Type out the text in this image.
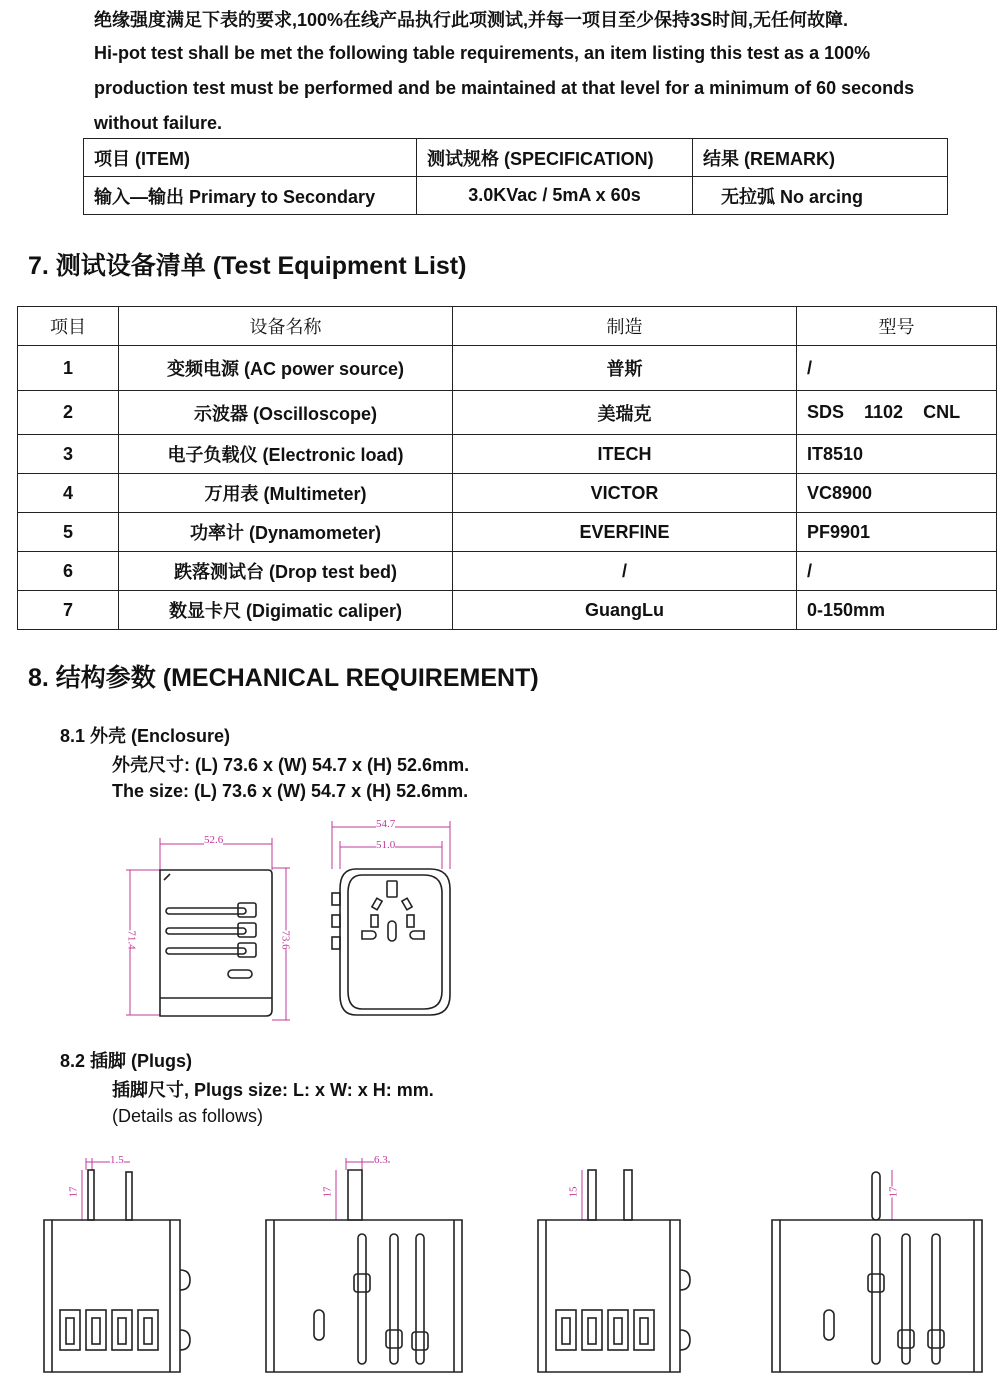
绝缘强度满足下表的要求,100%在线产品执行此项测试,并每一项目至少保持3S时间,无任何故障.
Hi-pot test shall be met the following table requirements, an item listing this test as a 100%
production test must be performed and be maintained at that level for a minimum of 60 seconds
without failure.
项目 (ITEM)	测试规格 (SPECIFICATION)	结果 (REMARK)
输入—输出 Primary to Secondary	3.0KVac / 5mA x 60s	无拉弧 No arcing
7. 测试设备清单 (Test Equipment List)
项目	设备名称	制造	型号
1	变频电源 (AC power source)	普斯	/
2	示波器 (Oscilloscope)	美瑞克	SDS    1102    CNL
3	电子负载仪 (Electronic load)	ITECH	IT8510
4	万用表 (Multimeter)	VICTOR	VC8900
5	功率计 (Dynamometer)	EVERFINE	PF9901
6	跌落测试台 (Drop test bed)	/	/
7	数显卡尺 (Digimatic caliper)	GuangLu	0-150mm
8. 结构参数 (MECHANICAL REQUIREMENT)
8.1 外壳 (Enclosure)
外壳尺寸: (L) 73.6 x (W) 54.7 x (H) 52.6mm.
The size: (L) 73.6 x (W) 54.7 x (H) 52.6mm.
52.6
71.4	73.6
54.7
51.0
8.2 插脚 (Plugs)
插脚尺寸, Plugs size: L: x W: x H: mm.
(Details as follows)
1.5
17
6.3
17	15	17
